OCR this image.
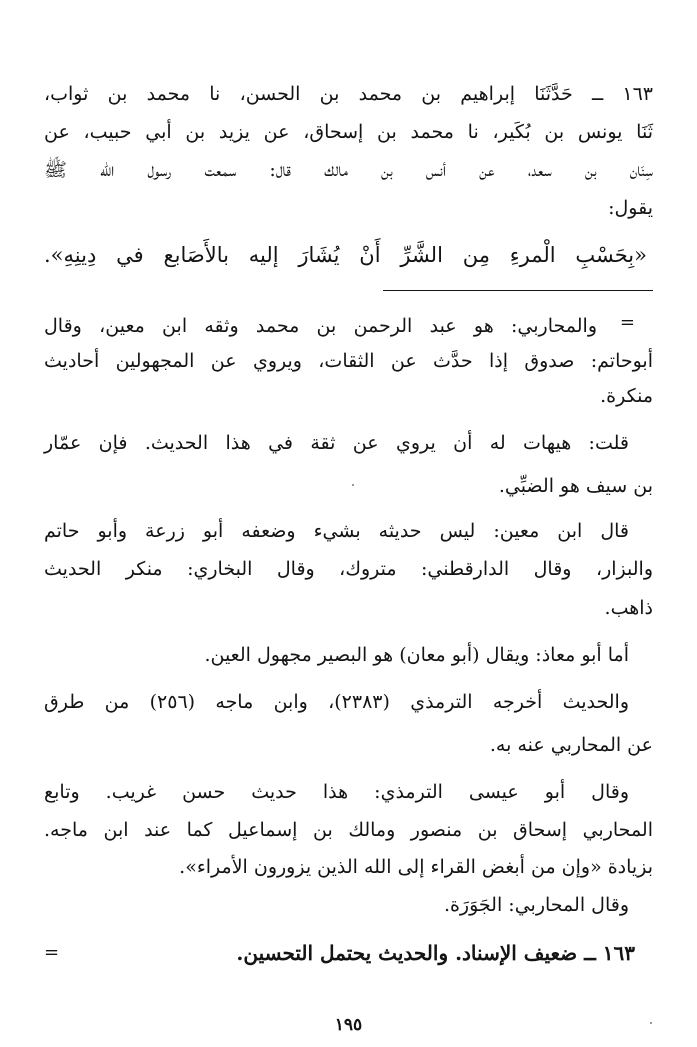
١٦٣ ــ حَدَّثَنَا إبراهيم بن محمد بن الحسن، نا محمد بن ثواب،
ثَنَا يونس بن بُكَير، نا محمد بن إسحاق، عن يزيد بن أبي حبيب، عن
سِنَان بن سعد، عن أنس بن مالك قال: سمعت رسول الله ﷺ
يقول:
«بِحَسْبِ الْمرءِ مِن الشَّرِّ أَنْ يُشَارَ إليه بالأَصَابع في دِينِهِ».
=
والمحاربي: هو عبد الرحمن بن محمد وثقه ابن معين، وقال
أبوحاتم: صدوق إذا حدَّث عن الثقات، ويروي عن المجهولين أحاديث
منكرة.
قلت: هيهات له أن يروي عن ثقة في هذا الحديث. فإن عمّار
بن سيف هو الضبِّي.
قال ابن معين: ليس حديثه بشيء وضعفه أبو زرعة وأبو حاتم
والبزار، وقال الدارقطني: متروك، وقال البخاري: منكر الحديث
ذاهب.
أما أبو معاذ: ويقال (أبو معان) هو البصير مجهول العين.
والحديث أخرجه الترمذي (٢٣٨٣)، وابن ماجه (٢٥٦) من طرق
عن المحاربي عنه به.
وقال أبو عيسى الترمذي: هذا حديث حسن غريب. وتابع
المحاربي إسحاق بن منصور ومالك بن إسماعيل كما عند ابن ماجه.
بزيادة «وإن من أبغض القراء إلى الله الذين يزورون الأمراء».
وقال المحاربي: الجَوَرَة.
١٦٣ ــ ضعيف الإسناد. والحديث يحتمل التحسين.
=
١٩٥
